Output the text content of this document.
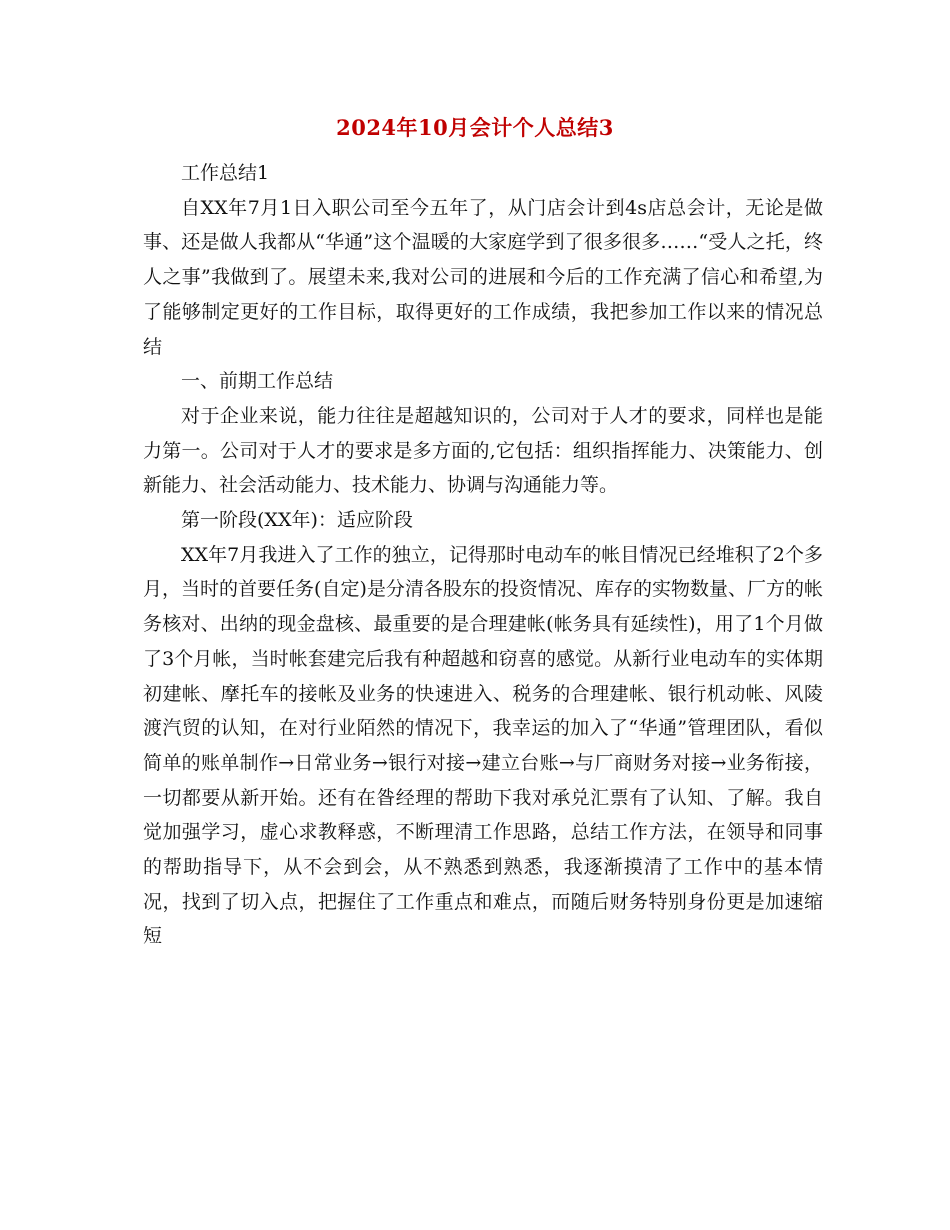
2024年10月会计个人总结3

工作总结1

自XX年7月1日入职公司至今五年了，从门店会计到4s店总会计，无论是做事、还是做人我都从“华通”这个温暖的大家庭学到了很多很多……“受人之托，终人之事”我做到了。展望未来,我对公司的进展和今后的工作充满了信心和希望,为了能够制定更好的工作目标，取得更好的工作成绩，我把参加工作以来的情况总结

一、前期工作总结

对于企业来说，能力往往是超越知识的，公司对于人才的要求，同样也是能力第一。公司对于人才的要求是多方面的,它包括：组织指挥能力、决策能力、创新能力、社会活动能力、技术能力、协调与沟通能力等。

第一阶段(XX年)：适应阶段

XX年7月我进入了工作的独立，记得那时电动车的帐目情况已经堆积了2个多月，当时的首要任务(自定)是分清各股东的投资情况、库存的实物数量、厂方的帐务核对、出纳的现金盘核、最重要的是合理建帐(帐务具有延续性)，用了1个月做了3个月帐，当时帐套建完后我有种超越和窃喜的感觉。从新行业电动车的实体期初建帐、摩托车的接帐及业务的快速进入、税务的合理建帐、银行机动帐、风陵渡汽贸的认知，在对行业陌然的情况下，我幸运的加入了“华通”管理团队，看似简单的账单制作→日常业务→银行对接→建立台账→与厂商财务对接→业务衔接，一切都要从新开始。还有在昝经理的帮助下我对承兑汇票有了认知、了解。我自觉加强学习，虚心求教释惑，不断理清工作思路，总结工作方法，在领导和同事的帮助指导下，从不会到会，从不熟悉到熟悉，我逐渐摸清了工作中的基本情况，找到了切入点，把握住了工作重点和难点，而随后财务特别身份更是加速缩短
